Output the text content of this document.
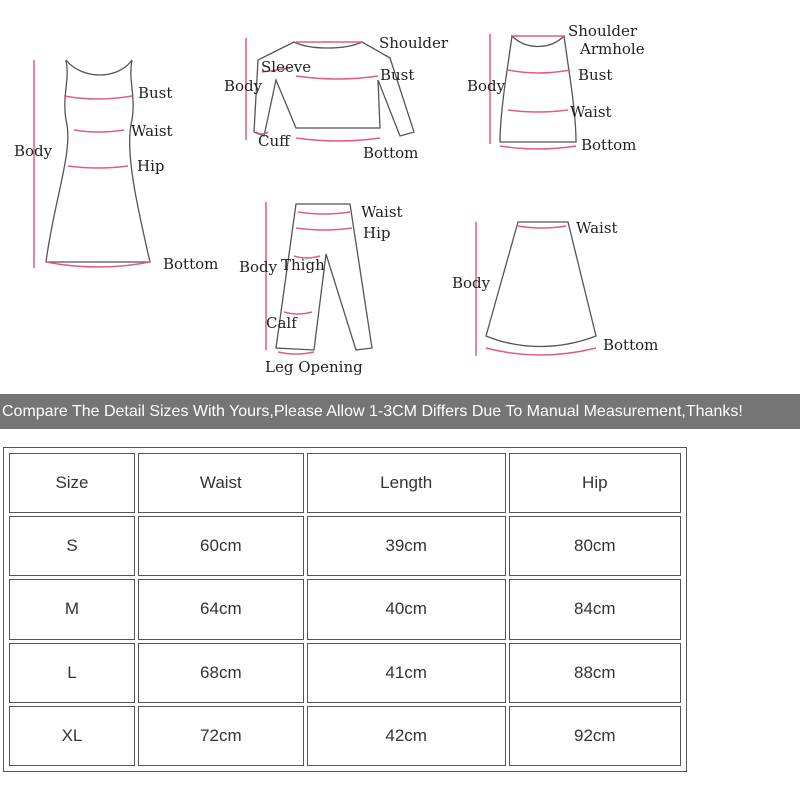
Body
Bust
Waist
Hip
Bottom
Body
Sleeve
Shoulder
Bust
Cuff
Bottom
Body
Shoulder
Armhole
Bust
Waist
Bottom
Body
Waist
Hip
Thigh
Calf
Leg Opening
Body
Waist
Bottom
Compare The Detail Sizes With Yours,Please Allow 1-3CM Differs Due To Manual Measurement,Thanks!
Size	Waist	Length	Hip
S	60cm	39cm	80cm
M	64cm	40cm	84cm
L	68cm	41cm	88cm
XL	72cm	42cm	92cm
